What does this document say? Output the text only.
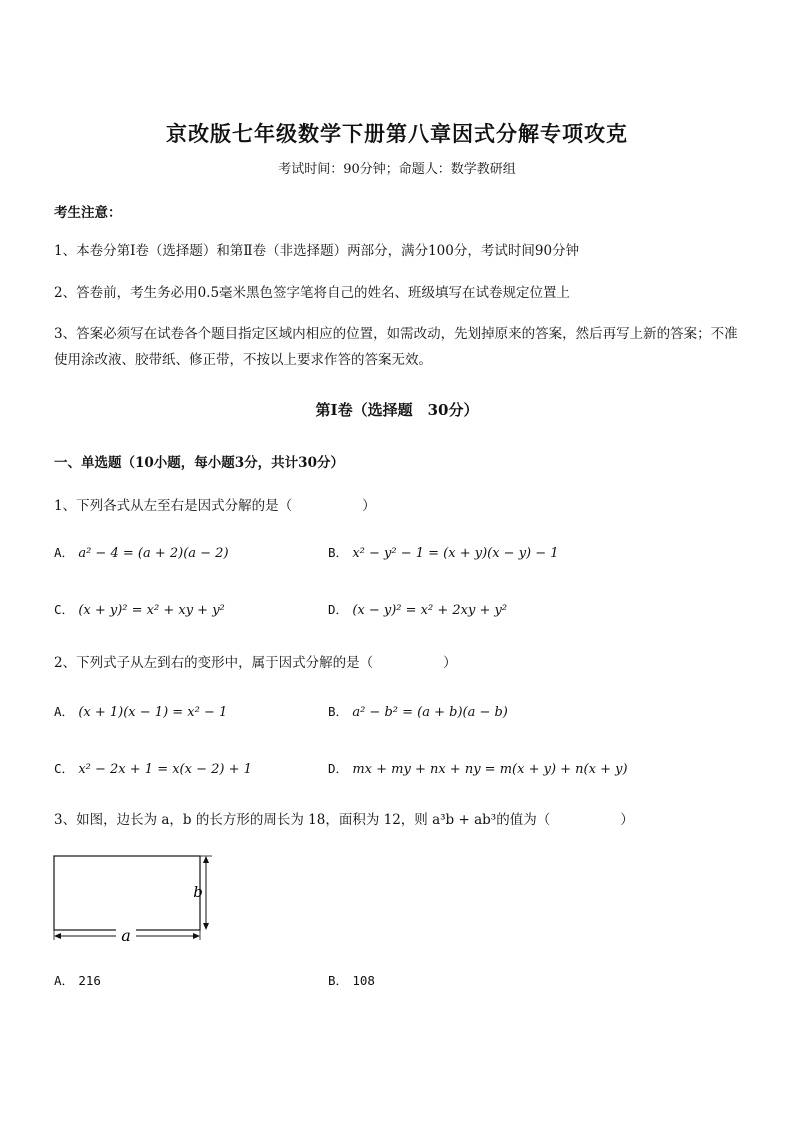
京改版七年级数学下册第八章因式分解专项攻克
考试时间：90分钟；命题人：数学教研组
考生注意：
1、本卷分第Ⅰ卷（选择题）和第Ⅱ卷（非选择题）两部分，满分100分，考试时间90分钟
2、答卷前，考生务必用0.5毫米黑色签字笔将自己的姓名、班级填写在试卷规定位置上
3、答案必须写在试卷各个题目指定区域内相应的位置，如需改动，先划掉原来的答案，然后再写上新的答案；不准使用涂改液、胶带纸、修正带，不按以上要求作答的答案无效。
第Ⅰ卷（选择题　30分）
一、单选题（10小题，每小题3分，共计30分）
1、下列各式从左至右是因式分解的是（	）
A． a² − 4 = (a + 2)(a − 2)	B． x² − y² − 1 = (x + y)(x − y) − 1
C． (x + y)² = x² + xy + y²	D． (x − y)² = x² + 2xy + y²
2、下列式子从左到右的变形中，属于因式分解的是（	）
A． (x + 1)(x − 1) = x² − 1	B． a² − b² = (a + b)(a − b)
C． x² − 2x + 1 = x(x − 2) + 1	D． mx + my + nx + ny = m(x + y) + n(x + y)
3、如图，边长为 a，b 的长方形的周长为 18，面积为 12，则 a³b + ab³的值为（	）
b
a
A． 216	B． 108
